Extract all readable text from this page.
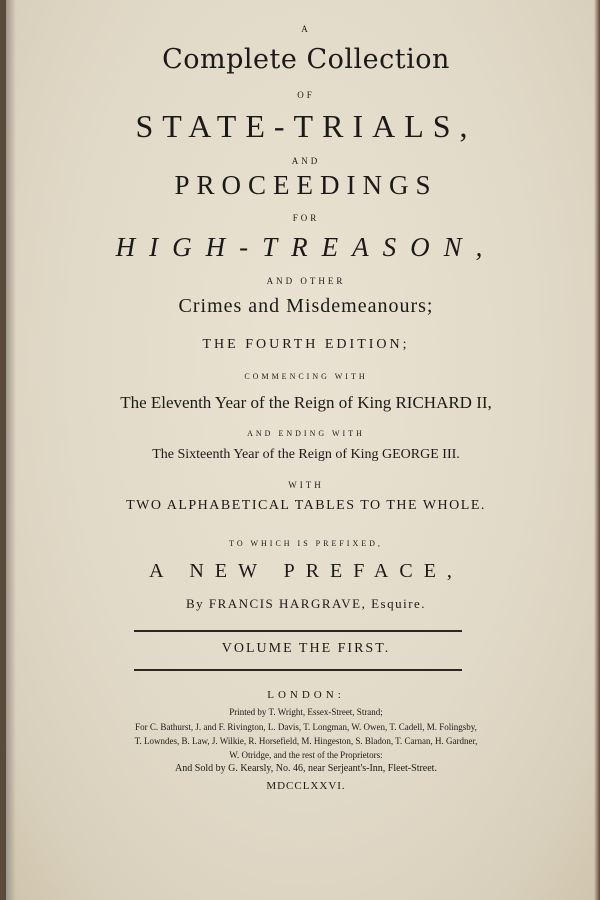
A
Complete Collection
OF
STATE-TRIALS,
AND
PROCEEDINGS
FOR
HIGH-TREASON,
AND OTHER
Crimes and Misdemeanours;
THE FOURTH EDITION;
COMMENCING WITH
The Eleventh Year of the Reign of King RICHARD II,
AND ENDING WITH
The Sixteenth Year of the Reign of King GEORGE III.
WITH
TWO ALPHABETICAL TABLES TO THE WHOLE.
TO WHICH IS PREFIXED,
A NEW PREFACE,
By FRANCIS HARGRAVE, Esquire.
VOLUME THE FIRST.
LONDON:
Printed by T. Wright, Essex-Street, Strand;
For C. Bathurst, J. and F. Rivington, L. Davis, T. Longman, W. Owen, T. Cadell, M. Folingsby,
T. Lowndes, B. Law, J. Wilkie, R. Horsefield, M. Hingeston, S. Bladon, T. Carnan, H. Gardner,
W. Otridge, and the rest of the Proprietors:
And Sold by G. Kearsly, No. 46, near Serjeant's-Inn, Fleet-Street.
MDCCLXXVI.
